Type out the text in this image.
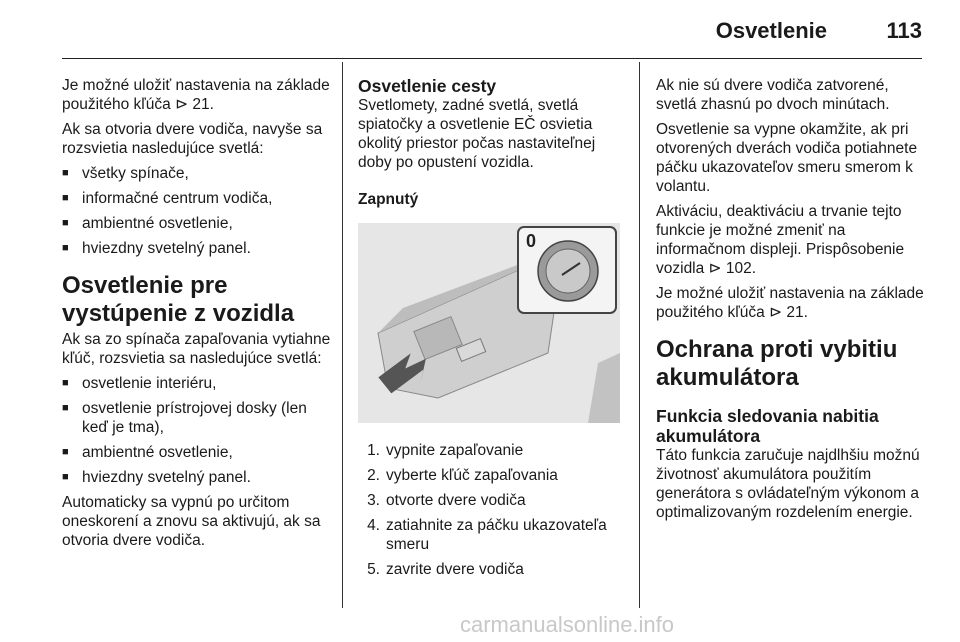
Osvetlenie	113

Je možné uložiť nastavenia na základe použitého kľúča ⊳ 21.

Ak sa otvoria dvere vodiča, navyše sa rozsvietia nasledujúce svetlá:

■ všetky spínače,
■ informačné centrum vodiča,
■ ambientné osvetlenie,
■ hviezdny svetelný panel.
Osvetlenie pre vystúpenie z vozidla

Ak sa zo spínača zapaľovania vytiahne kľúč, rozsvietia sa nasledujúce svetlá:

■ osvetlenie interiéru,
■ osvetlenie prístrojovej dosky (len keď je tma),
■ ambientné osvetlenie,
■ hviezdny svetelný panel.

Automaticky sa vypnú po určitom oneskorení a znovu sa aktivujú, ak sa otvoria dvere vodiča.

Osvetlenie cesty

Svetlomety, zadné svetlá, svetlá spiatočky a osvetlenie EČ osvietia okolitý priestor počas nastaviteľnej doby po opustení vozidla.

Zapnutý
0
1. vypnite zapaľovanie
2. vyberte kľúč zapaľovania
3. otvorte dvere vodiča
4. zatiahnite za páčku ukazovateľa smeru
5. zavrite dvere vodiča

Ak nie sú dvere vodiča zatvorené, svetlá zhasnú po dvoch minútach.

Osvetlenie sa vypne okamžite, ak pri otvorených dverách vodiča potiahnete páčku ukazovateľov smeru smerom k volantu.

Aktiváciu, deaktiváciu a trvanie tejto funkcie je možné zmeniť na informačnom displeji. Prispôsobenie vozidla ⊳ 102.

Je možné uložiť nastavenia na základe použitého kľúča ⊳ 21.

Ochrana proti vybitiu akumulátora
Funkcia sledovania nabitia akumulátora

Táto funkcia zaručuje najdlhšiu možnú životnosť akumulátora použitím generátora s ovládateľným výkonom a optimalizovaným rozdelením energie.

carmanualsonline.info
